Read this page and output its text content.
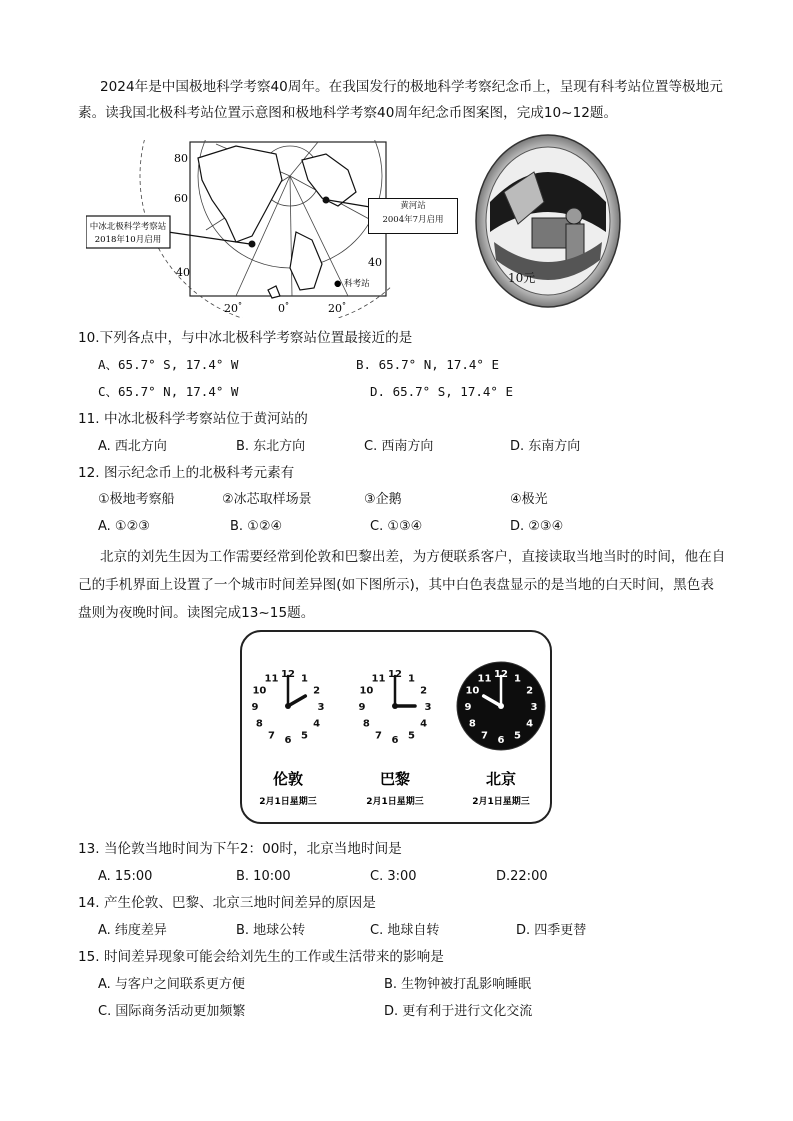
2024年是中国极地科学考察40周年。在我国发行的极地科学考察纪念币上，呈现有科考站位置等极地元素。读我国北极科考站位置示意图和极地科学考察40周年纪念币图案图，完成10~12题。
中冰北极科学考察站
2018年10月启用
80
60
40
40
20°	0°	20°
● 科考站
黄河站
2004年7月启用
10元
10.下列各点中，与中冰北极科学考察站位置最接近的是
A、65.7° S, 17.4° W	B. 65.7° N, 17.4° E
C、65.7° N, 17.4° W	D. 65.7° S, 17.4° E
11. 中冰北极科学考察站位于黄河站的
A. 西北方向	B. 东北方向	C. 西南方向	D. 东南方向
12. 图示纪念币上的北极科考元素有
①极地考察船	②冰芯取样场景	③企鹅	④极光
A. ①②③	B. ①②④	C. ①③④	D. ②③④
北京的刘先生因为工作需要经常到伦敦和巴黎出差，为方便联系客户，直接读取当地当时的时间，他在自己的手机界面上设置了一个城市时间差异图(如下图所示)，其中白色表盘显示的是当地的白天时间，黑色表盘则为夜晚时间。读图完成13~15题。
伦敦
2月1日星期三
巴黎
2月1日星期三
北京
2月1日星期三
12 1
2
3
4
5
6
7
8
9
10
11	12 1
2
3
4
5
6
7
8
9
10
11	12 1
2
3
4
5
6
7
8
9
10
11
13. 当伦敦当地时间为下午2：00时，北京当地时间是
A. 15:00	B. 10:00	C. 3:00	D.22:00
14. 产生伦敦、巴黎、北京三地时间差异的原因是
A. 纬度差异	B. 地球公转	C. 地球自转	D. 四季更替
15. 时间差异现象可能会给刘先生的工作或生活带来的影响是
A. 与客户之间联系更方便	B. 生物钟被打乱影响睡眠
C. 国际商务活动更加频繁	D. 更有利于进行文化交流
